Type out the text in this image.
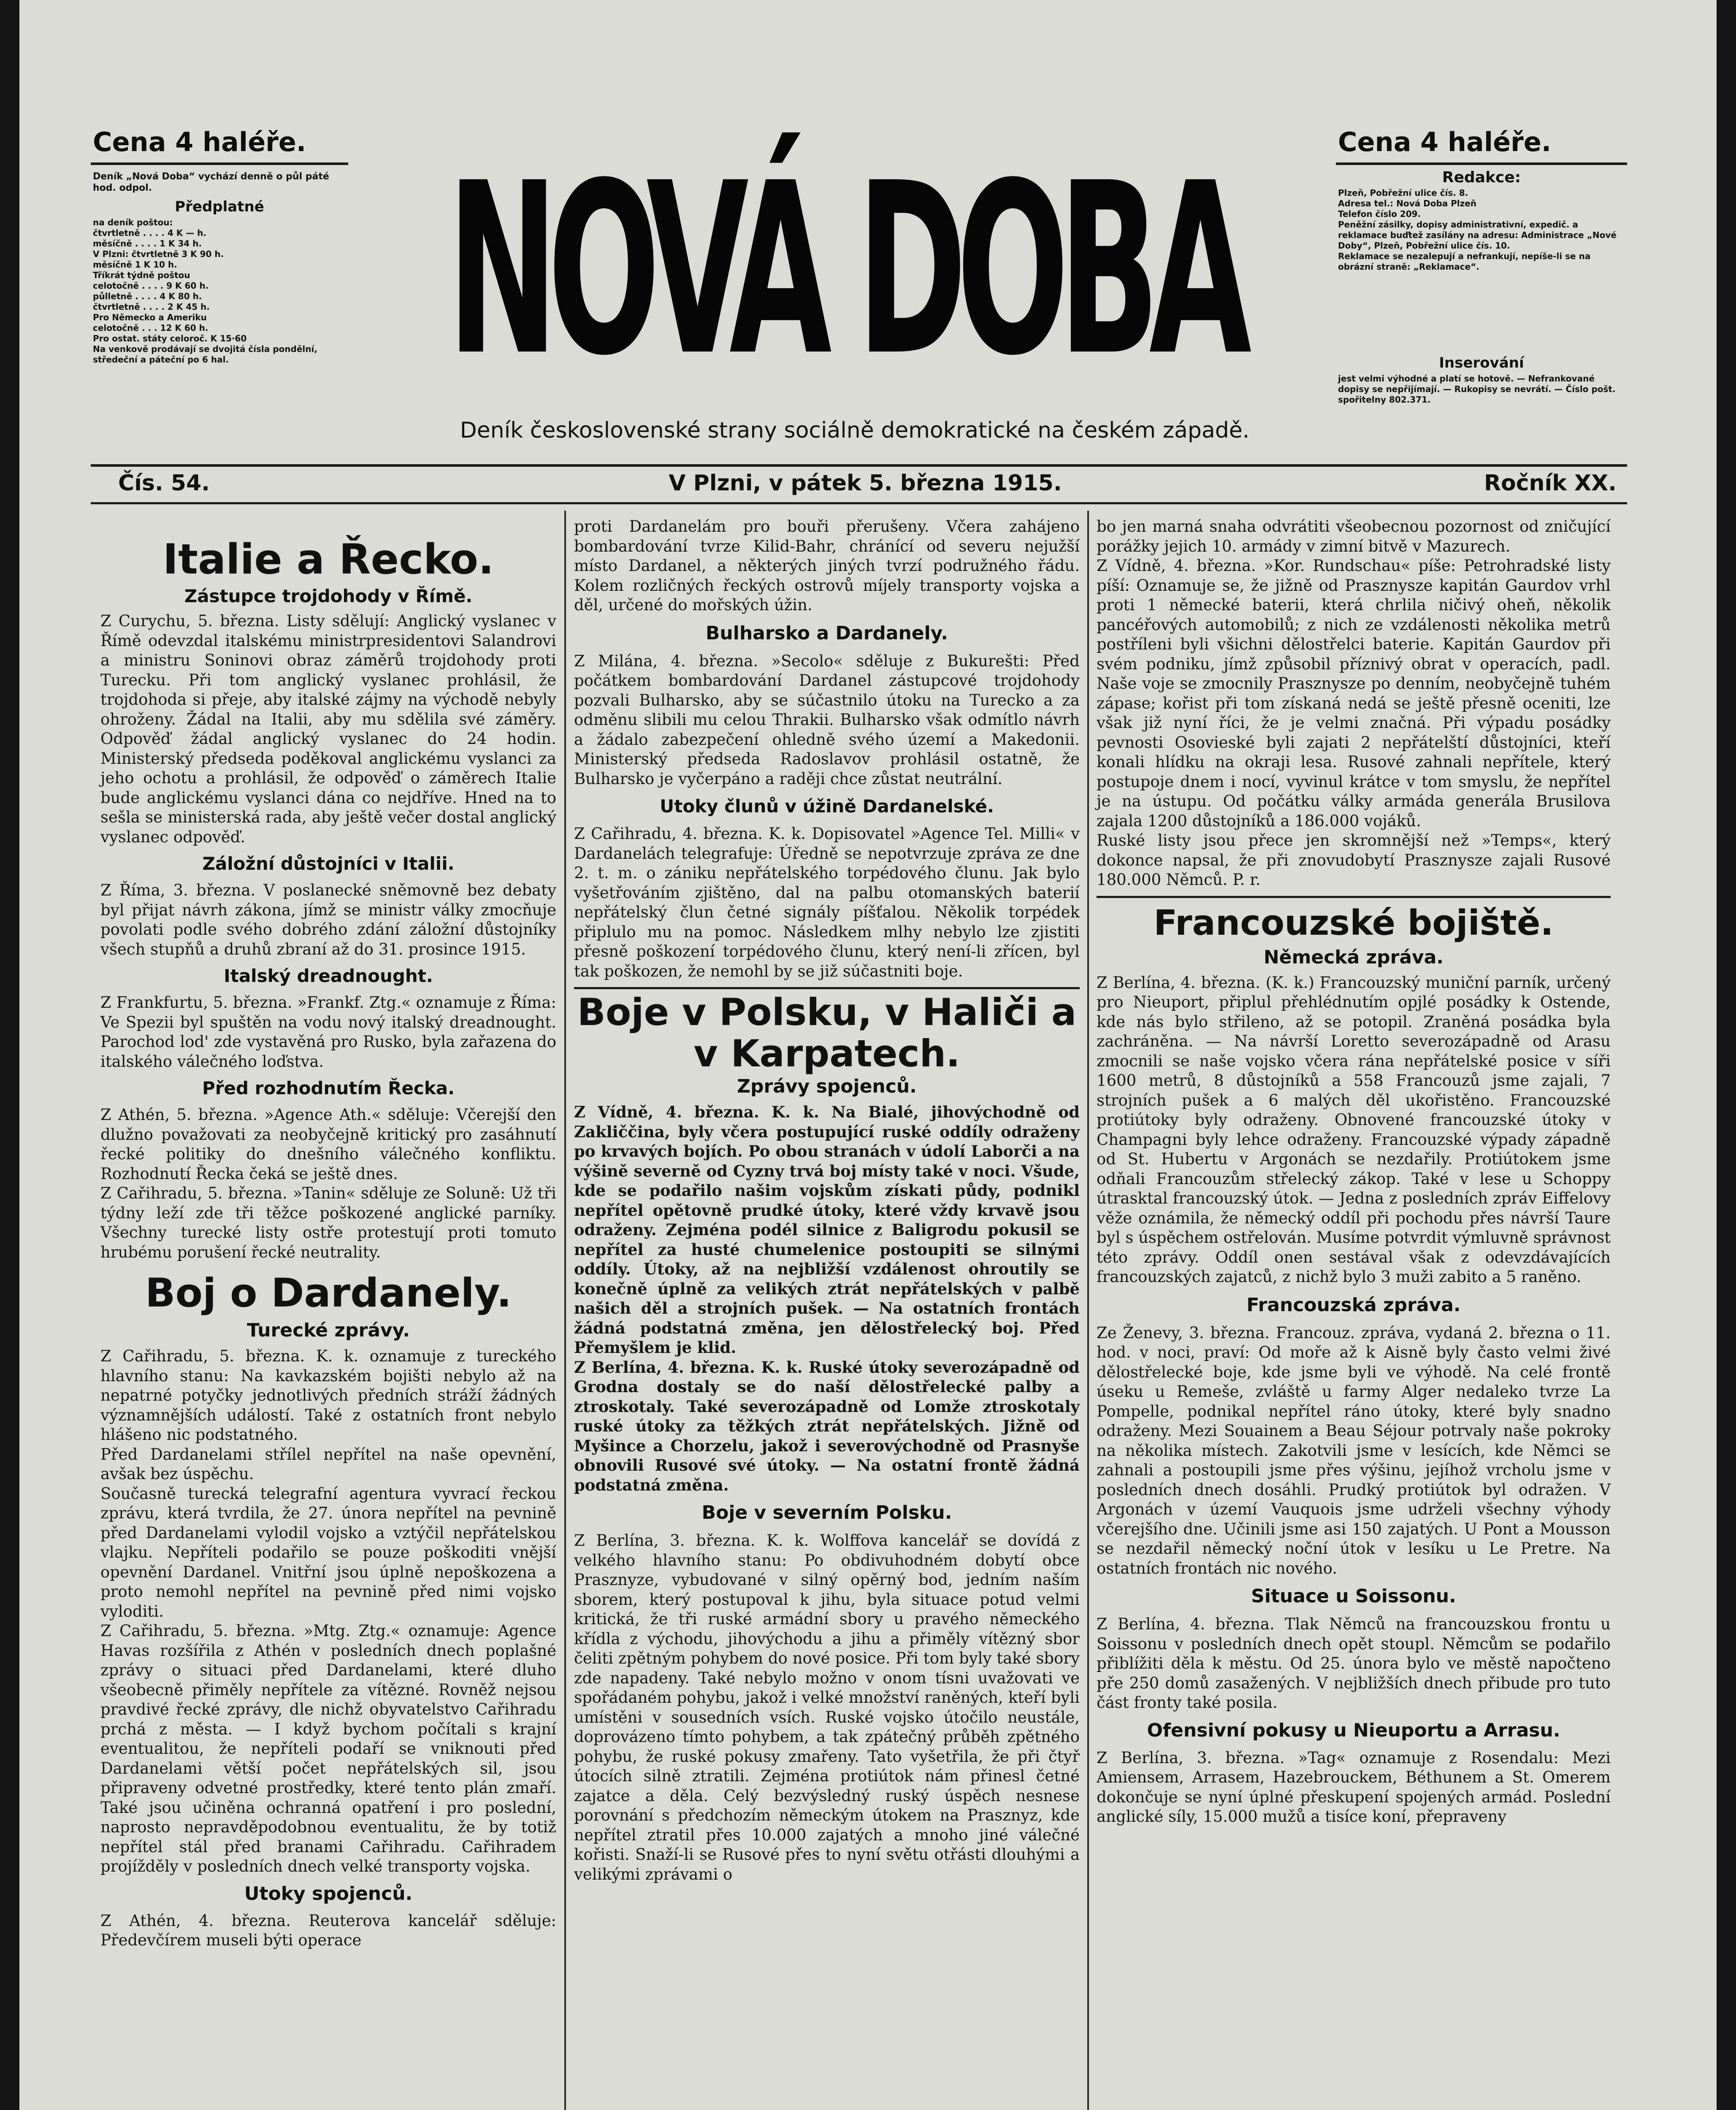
Cena 4 haléře.	Cena 4 haléře.
Deník „Nová Doba“ vychází denně o půl páté hod. odpol.
Předplatné
na deník poštou:
čtvrtletně . . . . 4 K — h.
měsíčně . . . . 1 K 34 h.
V Plzni: čtvrtletně 3 K 90 h.
měsíčně 1 K 10 h.
Tříkrát týdně poštou
celotočně . . . . 9 K 60 h.
půlletně . . . . 4 K 80 h.
čtvrtletně . . . . 2 K 45 h.
Pro Německo a Ameriku
celotočně . . . 12 K 60 h.
Pro ostat. státy celoroč. K 15·60
Na venkově prodávají se dvojitá čísla pondělní, středeční a páteční po 6 hal. NOVÁ DOBA
Deník československé strany sociálně demokratické na českém západě.
Redakce:
Plzeň, Pobřežní ulice čís. 8.
Adresa tel.: Nová Doba Plzeň
Telefon číslo 209.
Peněžní zásilky, dopisy administrativní, expedič. a reklamace buďtež zasílány na adresu: Administrace „Nové Doby“, Plzeň, Pobřežní ulice čís. 10.
Reklamace se nezalepují a nefrankují, nepíše-li se na obrázní straně: „Reklamace“.
Inserování
jest velmi výhodné a platí se hotově. — Nefrankované dopisy se nepřijímají. — Rukopisy se nevrátí. — Číslo pošt. spořitelny 802.371.
Čís. 54.	V Plzni, v pátek 5. března 1915.	Ročník XX.
Italie a Řecko.
Zástupce trojdohody v Římě.
Z Curychu, 5. března. Listy sdělují: Anglický vyslanec v Římě odevzdal italskému ministrpresidentovi Salandrovi a ministru Soninovi obraz záměrů trojdohody proti Turecku. Při tom anglický vyslanec prohlásil, že trojdohoda si přeje, aby italské zájmy na východě nebyly ohroženy. Žádal na Italii, aby mu sdělila své záměry. Odpověď žádal anglický vyslanec do 24 hodin. Ministerský předseda poděkoval anglickému vyslanci za jeho ochotu a prohlásil, že odpověď o záměrech Italie bude anglickému vyslanci dána co nejdříve. Hned na to sešla se ministerská rada, aby ještě večer dostal anglický vyslanec odpověď.
Záložní důstojníci v Italii.
Z Říma, 3. března. V poslanecké sněmovně bez debaty byl přijat návrh zákona, jímž se ministr války zmocňuje povolati podle svého dobrého zdání záložní důstojníky všech stupňů a druhů zbraní až do 31. prosince 1915.
Italský dreadnought.
Z Frankfurtu, 5. března. »Frankf. Ztg.« oznamuje z Říma: Ve Spezii byl spuštěn na vodu nový italský dreadnought. Parochod lod' zde vystavěná pro Rusko, byla zařazena do italského válečného loďstva.
Před rozhodnutím Řecka.
Z Athén, 5. března. »Agence Ath.« sděluje: Včerejší den dlužno považovati za neobyčejně kritický pro zasáhnutí řecké politiky do dnešního válečného konfliktu. Rozhodnutí Řecka čeká se ještě dnes.
Z Cařihradu, 5. března. »Tanin« sděluje ze Soluně: Už tři týdny leží zde tři těžce poškozené anglické parníky. Všechny turecké listy ostře protestují proti tomuto hrubému porušení řecké neutrality.
Boj o Dardanely.
Turecké zprávy.
Z Cařihradu, 5. března. K. k. oznamuje z tureckého hlavního stanu: Na kavkazském bojišti nebylo až na nepatrné potyčky jednotlivých předních stráží žádných významnějších událostí. Také z ostatních front nebylo hlášeno nic podstatného.
Před Dardanelami střílel nepřítel na naše opevnění, avšak bez úspěchu.
Současně turecká telegrafní agentura vyvrací řeckou zprávu, která tvrdila, že 27. února nepřítel na pevnině před Dardanelami vylodil vojsko a vztýčil nepřátelskou vlajku. Nepříteli podařilo se pouze poškoditi vnější opevnění Dardanel. Vnitřní jsou úplně nepoškozena a proto nemohl nepřítel na pevnině před nimi vojsko vyloditi.
Z Cařihradu, 5. března. »Mtg. Ztg.« oznamuje: Agence Havas rozšířila z Athén v posledních dnech poplašné zprávy o situaci před Dardanelami, které dluho všeobecně přiměly nepřítele za vítězné. Rovněž nejsou pravdivé řecké zprávy, dle nichž obyvatelstvo Cařihradu prchá z města. — I když bychom počítali s krajní eventualitou, že nepříteli podaří se vniknouti před Dardanelami větší počet nepřátelských sil, jsou připraveny odvetné prostředky, které tento plán zmaří. Také jsou učiněna ochranná opatření i pro poslední, naprosto nepravděpodobnou eventualitu, že by totiž nepřítel stál před branami Cařihradu. Cařihradem projížděly v posledních dnech velké transporty vojska.
Utoky spojenců.
Z Athén, 4. března. Reuterova kancelář sděluje: Předevčírem museli býti operace
proti Dardanelám pro bouři přerušeny. Včera zahájeno bombardování tvrze Kilid-Bahr, chránící od severu nejužší místo Dardanel, a některých jiných tvrzí podružného řádu. Kolem rozličných řeckých ostrovů míjely transporty vojska a děl, určené do mořských úžin.
Bulharsko a Dardanely.
Z Milána, 4. března. »Secolo« sděluje z Bukurešti: Před počátkem bombardování Dardanel zástupcové trojdohody pozvali Bulharsko, aby se súčastnilo útoku na Turecko a za odměnu slibili mu celou Thrakii. Bulharsko však odmítlo návrh a žádalo zabezpečení ohledně svého území a Makedonii. Ministerský předseda Radoslavov prohlásil ostatně, že Bulharsko je vyčerpáno a raději chce zůstat neutrální.
Utoky člunů v úžině Dardanelské.
Z Cařihradu, 4. března. K. k. Dopisovatel »Agence Tel. Milli« v Dardanelách telegrafuje: Úředně se nepotvrzuje zpráva ze dne 2. t. m. o zániku nepřátelského torpédového člunu. Jak bylo vyšetřováním zjištěno, dal na palbu otomanských baterií nepřátelský člun četné signály píšťalou. Několik torpédek připlulo mu na pomoc. Následkem mlhy nebylo lze zjistiti přesně poškození torpédového člunu, který není-li zřícen, byl tak poškozen, že nemohl by se již súčastniti boje.
Boje v Polsku, v Haliči a v Karpatech.
Zprávy spojenců.
Z Vídně, 4. března. K. k. Na Bialé, jihovýchodně od Zakliččina, byly včera postupující ruské oddíly odraženy po krvavých bojích. Po obou stranách v údolí Laborči a na výšině severně od Cyzny trvá boj místy také v noci. Všude, kde se podařilo našim vojskům získati půdy, podnikl nepřítel opětovně prudké útoky, které vždy krvavě jsou odraženy. Zejména podél silnice z Baligrodu pokusil se nepřítel za husté chumelenice postoupiti se silnými oddíly. Útoky, až na nejbližší vzdálenost ohroutily se konečně úplně za velikých ztrát nepřátelských v palbě našich děl a strojních pušek. — Na ostatních frontách žádná podstatná změna, jen dělostřelecký boj. Před Přemyšlem je klid.
Z Berlína, 4. března. K. k. Ruské útoky severozápadně od Grodna dostaly se do naší dělostřelecké palby a ztroskotaly. Také severozápadně od Lomže ztroskotaly ruské útoky za těžkých ztrát nepřátelských. Jižně od Myšince a Chorzelu, jakož i severovýchodně od Prasnyše obnovili Rusové své útoky. — Na ostatní frontě žádná podstatná změna.
Boje v severním Polsku.
Z Berlína, 3. března. K. k. Wolffova kancelář se dovídá z velkého hlavního stanu: Po obdivuhodném dobytí obce Prasznyze, vybudované v silný opěrný bod, jedním naším sborem, který postupoval k jihu, byla situace potud velmi kritická, že tři ruské armádní sbory u pravého německého křídla z východu, jihovýchodu a jihu a přiměly vítězný sbor čeliti zpětným pohybem do nové posice. Při tom byly také sbory zde napadeny. Také nebylo možno v onom tísni uvažovati ve spořádaném pohybu, jakož i velké množství raněných, kteří byli umístěni v sousedních vsích. Ruské vojsko útočilo neustále, doprovázeno tímto pohybem, a tak zpátečný průběh zpětného pohybu, že ruské pokusy zmařeny. Tato vyšetřila, že při čtyř útocích silně ztratili. Zejména protiútok nám přinesl četné zajatce a děla. Celý bezvýsledný ruský úspěch nesnese porovnání s předchozím německým útokem na Prasznyz, kde nepřítel ztratil přes 10.000 zajatých a mnoho jiné válečné kořisti. Snaží-li se Rusové přes to nyní světu otřásti dlouhými a velikými zprávami o
bo jen marná snaha odvrátiti všeobecnou pozornost od zničující porážky jejich 10. armády v zimní bitvě v Mazurech.
Z Vídně, 4. března. »Kor. Rundschau« píše: Petrohradské listy píší: Oznamuje se, že jižně od Prasznysze kapitán Gaurdov vrhl proti 1 německé baterii, která chrlila ničivý oheň, několik pancéřových automobilů; z nich ze vzdálenosti několika metrů postříleni byli všichni dělostřelci baterie. Kapitán Gaurdov při svém podniku, jímž způsobil příznivý obrat v operacích, padl. Naše voje se zmocnily Prasznysze po denním, neobyčejně tuhém zápase; kořist při tom získaná nedá se ještě přesně oceniti, lze však již nyní říci, že je velmi značná. Při výpadu posádky pevnosti Osovieské byli zajati 2 nepřátelští důstojníci, kteří konali hlídku na okraji lesa. Rusové zahnali nepřítele, který postupoje dnem i nocí, vyvinul krátce v tom smyslu, že nepřítel je na ústupu. Od počátku války armáda generála Brusilova zajala 1200 důstojníků a 186.000 vojáků.
Ruské listy jsou přece jen skromnější než »Temps«, který dokonce napsal, že při znovudobytí Prasznysze zajali Rusové 180.000 Němců. P. r.
Francouzské bojiště.
Německá zpráva.
Z Berlína, 4. března. (K. k.) Francouzský muniční parník, určený pro Nieuport, připlul přehlédnutím opjlé posádky k Ostende, kde nás bylo střileno, až se potopil. Zraněná posádka byla zachráněna. — Na návrší Loretto severozápadně od Arasu zmocnili se naše vojsko včera rána nepřátelské posice v síři 1600 metrů, 8 důstojníků a 558 Francouzů jsme zajali, 7 strojních pušek a 6 malých děl ukořistěno. Francouzské protiútoky byly odraženy. Obnovené francouzské útoky v Champagni byly lehce odraženy. Francouzské výpady západně od St. Hubertu v Argonách se nezdařily. Protiútokem jsme odňali Francouzům střelecký zákop. Také v lese u Schoppy útrasktal francouzský útok. — Jedna z posledních zpráv Eiffelovy věže oznámila, že německý oddíl při pochodu přes návrší Taure byl s úspěchem ostřelován. Musíme potvrdit výmluvně správnost této zprávy. Oddíl onen sestával však z odevzdávajících francouzských zajatců, z nichž bylo 3 muži zabito a 5 raněno.
Francouzská zpráva.
Ze Ženevy, 3. března. Francouz. zpráva, vydaná 2. března o 11. hod. v noci, praví: Od moře až k Aisně byly často velmi živé dělostřelecké boje, kde jsme byli ve výhodě. Na celé frontě úseku u Remeše, zvláště u farmy Alger nedaleko tvrze La Pompelle, podnikal nepřítel ráno útoky, které byly snadno odraženy. Mezi Souainem a Beau Séjour potrvaly naše pokroky na několika místech. Zakotvili jsme v lesících, kde Němci se zahnali a postoupili jsme přes výšinu, jejíhož vrcholu jsme v posledních dnech dosáhli. Prudký protiútok byl odražen. V Argonách v území Vauquois jsme udrželi všechny výhody včerejšího dne. Učinili jsme asi 150 zajatých. U Pont a Mousson se nezdařil německý noční útok v lesíku u Le Pretre. Na ostatních frontách nic nového.
Situace u Soissonu.
Z Berlína, 4. března. Tlak Němců na francouzskou frontu u Soissonu v posledních dnech opět stoupl. Němcům se podařilo přiblížiti děla k městu. Od 25. února bylo ve městě napočteno pře 250 domů zasažených. V nejbližších dnech přibude pro tuto část fronty také posila.
Ofensivní pokusy u Nieuportu a Arrasu.
Z Berlína, 3. března. »Tag« oznamuje z Rosendalu: Mezi Amiensem, Arrasem, Hazebrouckem, Béthunem a St. Omerem dokončuje se nyní úplné přeskupení spojených armád. Poslední anglické síly, 15.000 mužů a tisíce koní, přepraveny
